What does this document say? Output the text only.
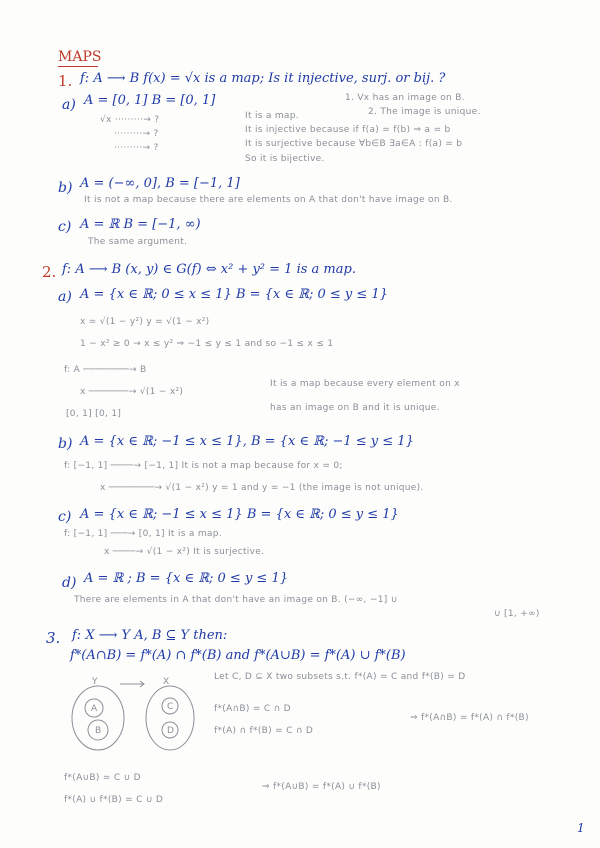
MAPS
1. f: A ⟶ B f(x) = √x is a map; Is it injective, surj. or bij. ?
1. Vx has an image on B.
2. The image is unique.
a) A = [0, 1] B = [0, 1]
√x ·········→ ?
·········→ ?
·········→ ?
It is a map.
It is injective because if f(a) = f(b) ⇒ a = b
It is surjective because ∀b∈B ∃a∈A : f(a) = b
So it is bijective.
b) A = (−∞, 0], B = [−1, 1]
It is not a map because there are elements on A that don't have image on B.
c) A = ℝ B = [−1, ∞)
The same argument.
2. f: A ⟶ B (x, y) ∈ G(f) ⇔ x² + y² = 1 is a map.
a) A = {x ∈ ℝ; 0 ≤ x ≤ 1} B = {x ∈ ℝ; 0 ≤ y ≤ 1}
x = √(1 − y²) y = √(1 − x²)
1 − x² ≥ 0 → x ≤ y² ⇒ −1 ≤ y ≤ 1 and so −1 ≤ x ≤ 1
f: A ────────→ B
x ───────→ √(1 − x²)
[0, 1] [0, 1]
It is a map because every element on x
has an image on B and it is unique.
b) A = {x ∈ ℝ; −1 ≤ x ≤ 1}, B = {x ∈ ℝ; −1 ≤ y ≤ 1}
f: [−1, 1] ────→ [−1, 1] It is not a map because for x = 0;
x ────────→ √(1 − x²) y = 1 and y = −1 (the image is not unique).
c) A = {x ∈ ℝ; −1 ≤ x ≤ 1} B = {x ∈ ℝ; 0 ≤ y ≤ 1}
f: [−1, 1] ───→ [0, 1] It is a map.
x ────→ √(1 − x²) It is surjective.
d) A = ℝ ; B = {x ∈ ℝ; 0 ≤ y ≤ 1}
There are elements in A that don't have an image on B. (−∞, −1] ∪
∪ [1, +∞)
3. f: X ⟶ Y A, B ⊆ Y then:
f*(A∩B) = f*(A) ∩ f*(B) and f*(A∪B) = f*(A) ∪ f*(B)
Y	X
A
B
C
D
Let C, D ⊆ X two subsets s.t. f*(A) = C and f*(B) = D
f*(A∩B) = C ∩ D
f*(A) ∩ f*(B) = C ∩ D
⇒ f*(A∩B) = f*(A) ∩ f*(B)
f*(A∪B) = C ∪ D
f*(A) ∪ f*(B) = C ∪ D
⇒ f*(A∪B) = f*(A) ∪ f*(B)
1
